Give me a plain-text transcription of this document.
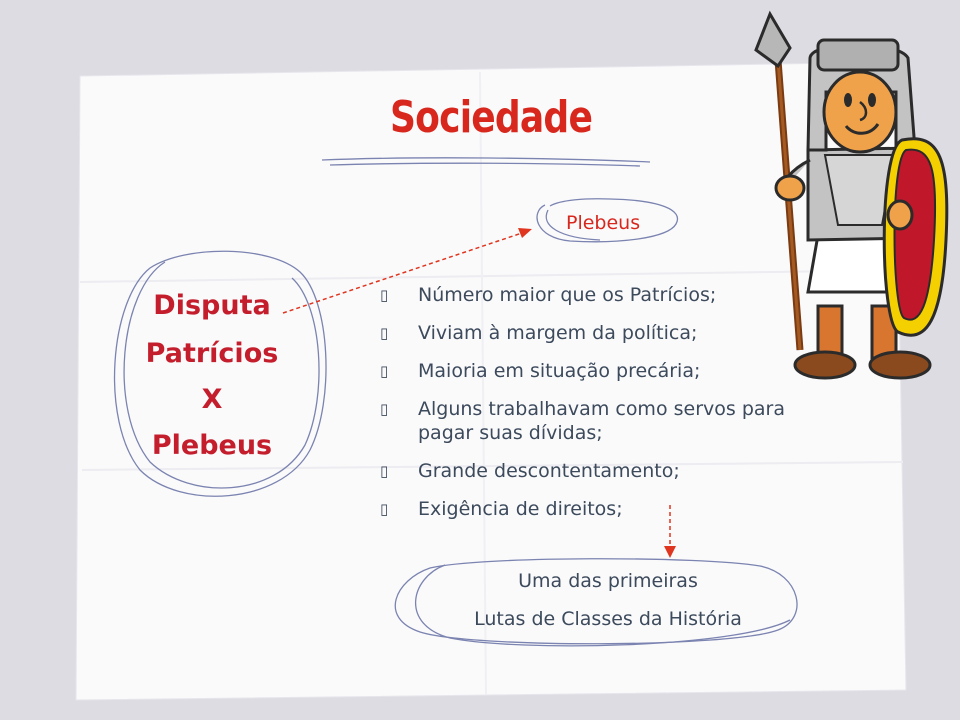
Sociedade
Plebeus
Disputa
Patrícios
X
Plebeus
▯	Número maior que os Patrícios;
▯	Viviam à margem da política;
▯	Maioria em situação precária;
▯	Alguns trabalhavam como servos para pagar suas dívidas;
▯	Grande descontentamento;
▯	Exigência de direitos;
Uma das primeiras
Lutas de Classes da História
